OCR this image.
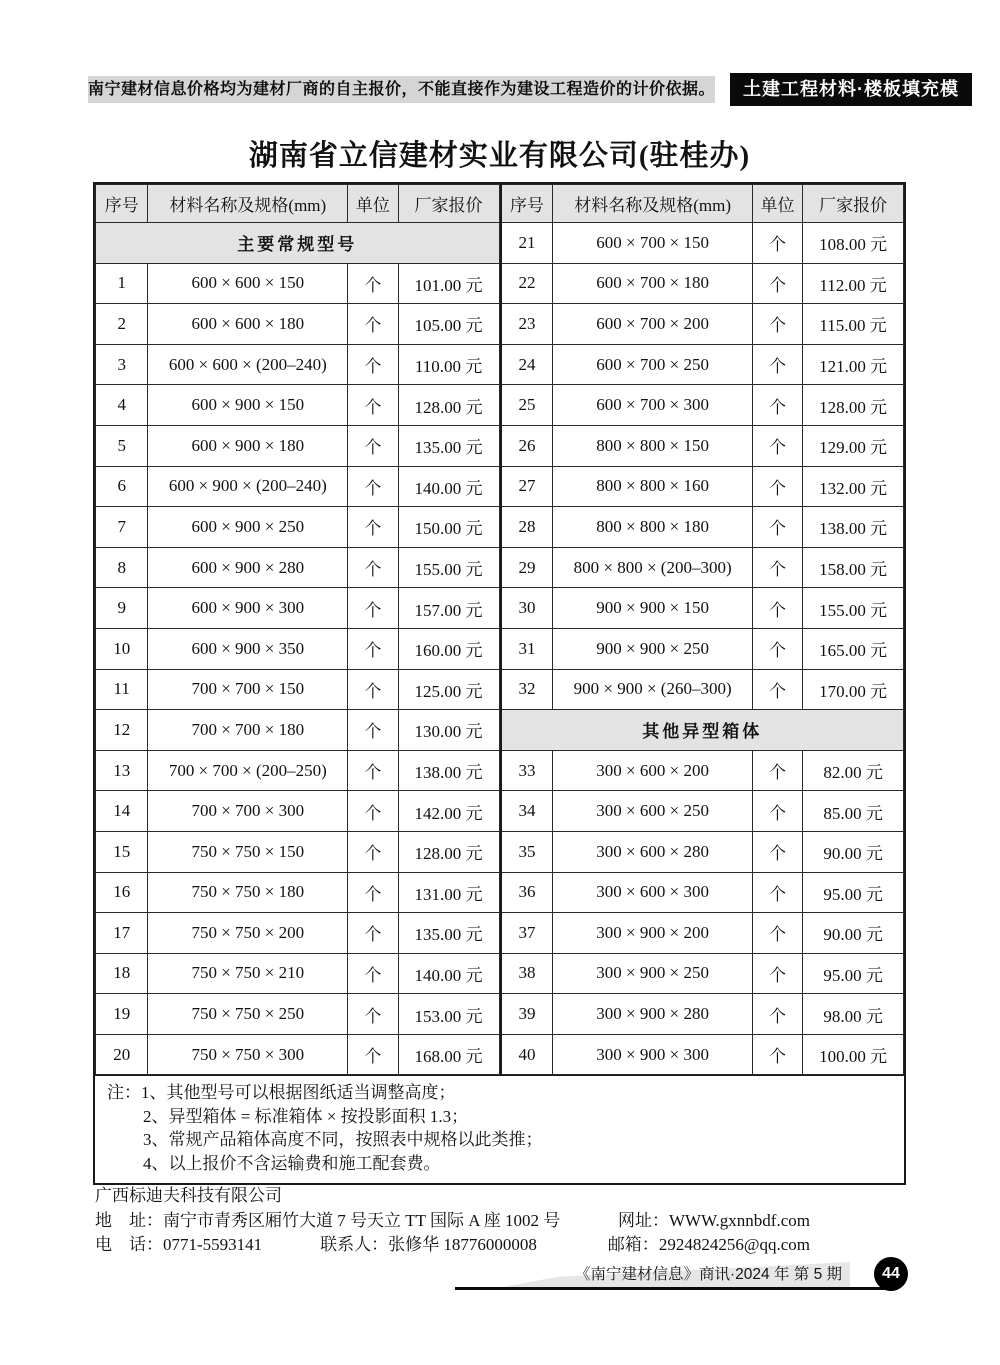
南宁建材信息价格均为建材厂商的自主报价，不能直接作为建设工程造价的计价依据。	土建工程材料·楼板填充模
湖南省立信建材实业有限公司(驻桂办)
序号	材料名称及规格(mm)	单位	厂家报价
主要常规型号			
1	600 × 600 × 150	个	101.00 元
2	600 × 600 × 180	个	105.00 元
3	600 × 600 × (200–240)	个	110.00 元
4	600 × 900 × 150	个	128.00 元
5	600 × 900 × 180	个	135.00 元
6	600 × 900 × (200–240)	个	140.00 元
7	600 × 900 × 250	个	150.00 元
8	600 × 900 × 280	个	155.00 元
9	600 × 900 × 300	个	157.00 元
10	600 × 900 × 350	个	160.00 元
11	700 × 700 × 150	个	125.00 元
12	700 × 700 × 180	个	130.00 元
13	700 × 700 × (200–250)	个	138.00 元
14	700 × 700 × 300	个	142.00 元
15	750 × 750 × 150	个	128.00 元
16	750 × 750 × 180	个	131.00 元
17	750 × 750 × 200	个	135.00 元
18	750 × 750 × 210	个	140.00 元
19	750 × 750 × 250	个	153.00 元
20	750 × 750 × 300	个	168.00 元
序号	材料名称及规格(mm)	单位	厂家报价
21	600 × 700 × 150	个	108.00 元
22	600 × 700 × 180	个	112.00 元
23	600 × 700 × 200	个	115.00 元
24	600 × 700 × 250	个	121.00 元
25	600 × 700 × 300	个	128.00 元
26	800 × 800 × 150	个	129.00 元
27	800 × 800 × 160	个	132.00 元
28	800 × 800 × 180	个	138.00 元
29	800 × 800 × (200–300)	个	158.00 元
30	900 × 900 × 150	个	155.00 元
31	900 × 900 × 250	个	165.00 元
32	900 × 900 × (260–300)	个	170.00 元
其他异型箱体			
33	300 × 600 × 200	个	82.00 元
34	300 × 600 × 250	个	85.00 元
35	300 × 600 × 280	个	90.00 元
36	300 × 600 × 300	个	95.00 元
37	300 × 900 × 200	个	90.00 元
38	300 × 900 × 250	个	95.00 元
39	300 × 900 × 280	个	98.00 元
40	300 × 900 × 300	个	100.00 元
注：1、其他型号可以根据图纸适当调整高度；
2、异型箱体 = 标准箱体 × 按投影面积 1.3；
3、常规产品箱体高度不同，按照表中规格以此类推；
4、以上报价不含运输费和施工配套费。
广西标迪夫科技有限公司
地　址：南宁市青秀区厢竹大道 7 号天立 TT 国际 A 座 1002 号	网址：WWW.gxnnbdf.com
电　话：0771-5593141	联系人：张修华 18776000008	邮箱：2924824256@qq.com
《南宁建材信息》商讯·2024 年 第 5 期	44
